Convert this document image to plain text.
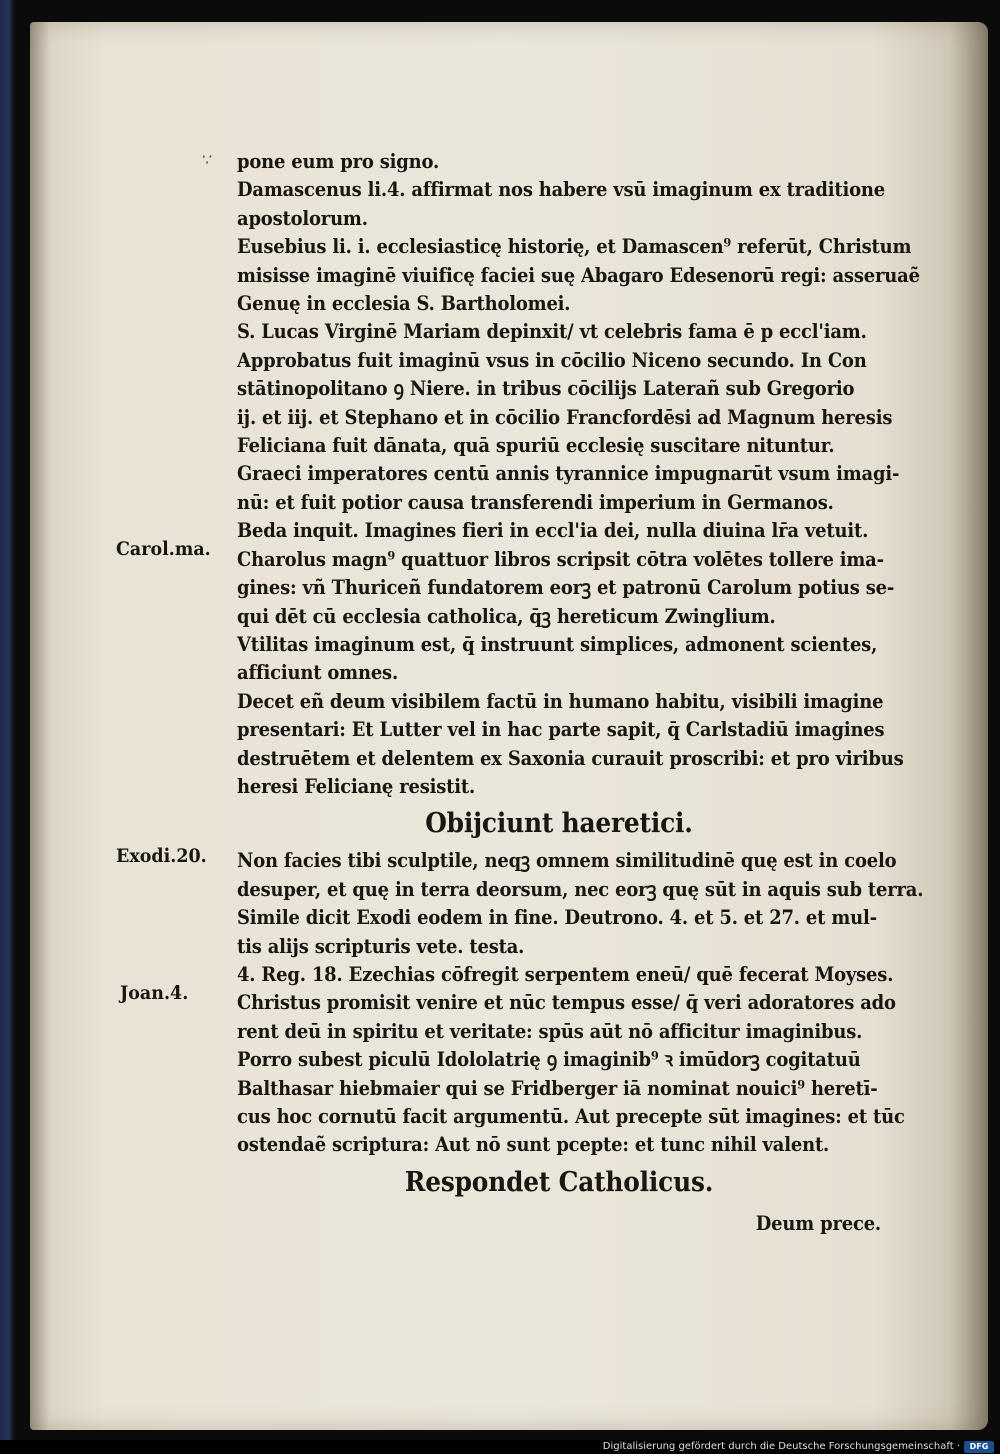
∵ pone eum pro signo.
Damascenus li.4. affirmat nos habere vsū imaginum ex traditione
apostolorum.
Eusebius li. i. ecclesiasticę historię, et Damascen⁹ referūt, Christum
misisse imaginē viuificę faciei suę Abagaro Edesenorū regi: asseruaẽ
Genuę in ecclesia S. Bartholomei.
S. Lucas Virginē Mariam depinxit/ vt celebris fama ē p eccl'iam.
Approbatus fuit imaginū vsus in cōcilio Niceno secundo. In Con
stātinopolitano ꝯ Niere. in tribus cōcilijs Laterañ sub Gregorio
ij. et iij. et Stephano et in cōcilio Francfordēsi ad Magnum heresis
Feliciana fuit dānata, quā spuriū ecclesię suscitare nituntur.
Graeci imperatores centū annis tyrannice impugnarūt vsum imagi-
nū: et fuit potior causa transferendi imperium in Germanos.
Beda inquit. Imagines fieri in eccl'ia dei, nulla diuina lr̄a vetuit.
Charolus magn⁹ quattuor libros scripsit cōtra volētes tollere ima-
gines: vñ Thuriceñ fundatorem eorꝫ et patronū Carolum potius se-
qui dēt cū ecclesia catholica, q̄ꝫ hereticum Zwinglium.
Vtilitas imaginum est, q̄ instruunt simplices, admonent scientes,
afficiunt omnes.
Decet eñ deum visibilem factū in humano habitu, visibili imagine
presentari: Et Lutter vel in hac parte sapit, q̄ Carlstadiū imagines
destruētem et delentem ex Saxonia curauit proscribi: et pro viribus
heresi Felicianę resistit.
Obijciunt haeretici.
Non facies tibi sculptile, neqꝫ omnem similitudinē quę est in coelo
desuper, et quę in terra deorsum, nec eorꝫ quę sūt in aquis sub terra.
Simile dicit Exodi eodem in fine. Deutrono. 4. et 5. et 27. et mul-
tis alijs scripturis vete. testa.
4. Reg. 18. Ezechias cōfregit serpentem eneū/ quē fecerat Moyses.
Christus promisit venire et nūc tempus esse/ q̄ veri adoratores ado
rent deū in spiritu et veritate: spūs aūt nō afficitur imaginibus.
Porro subest piculū Idololatrię ꝯ imaginib⁹ ꝛ imūdorꝫ cogitatuū
Balthasar hiebmaier qui se Fridberger iā nominat nouici⁹ heretī-
cus hoc cornutū facit argumentū. Aut precepte sūt imagines: et tūc
ostendaẽ scriptura: Aut nō sunt pcepte: et tunc nihil valent.
Respondet Catholicus.
Deum prece.
Carol.ma.
Exodi.20.
Joan.4.
Digitalisierung gefördert durch die Deutsche Forschungsgemeinschaft ·	DFG
